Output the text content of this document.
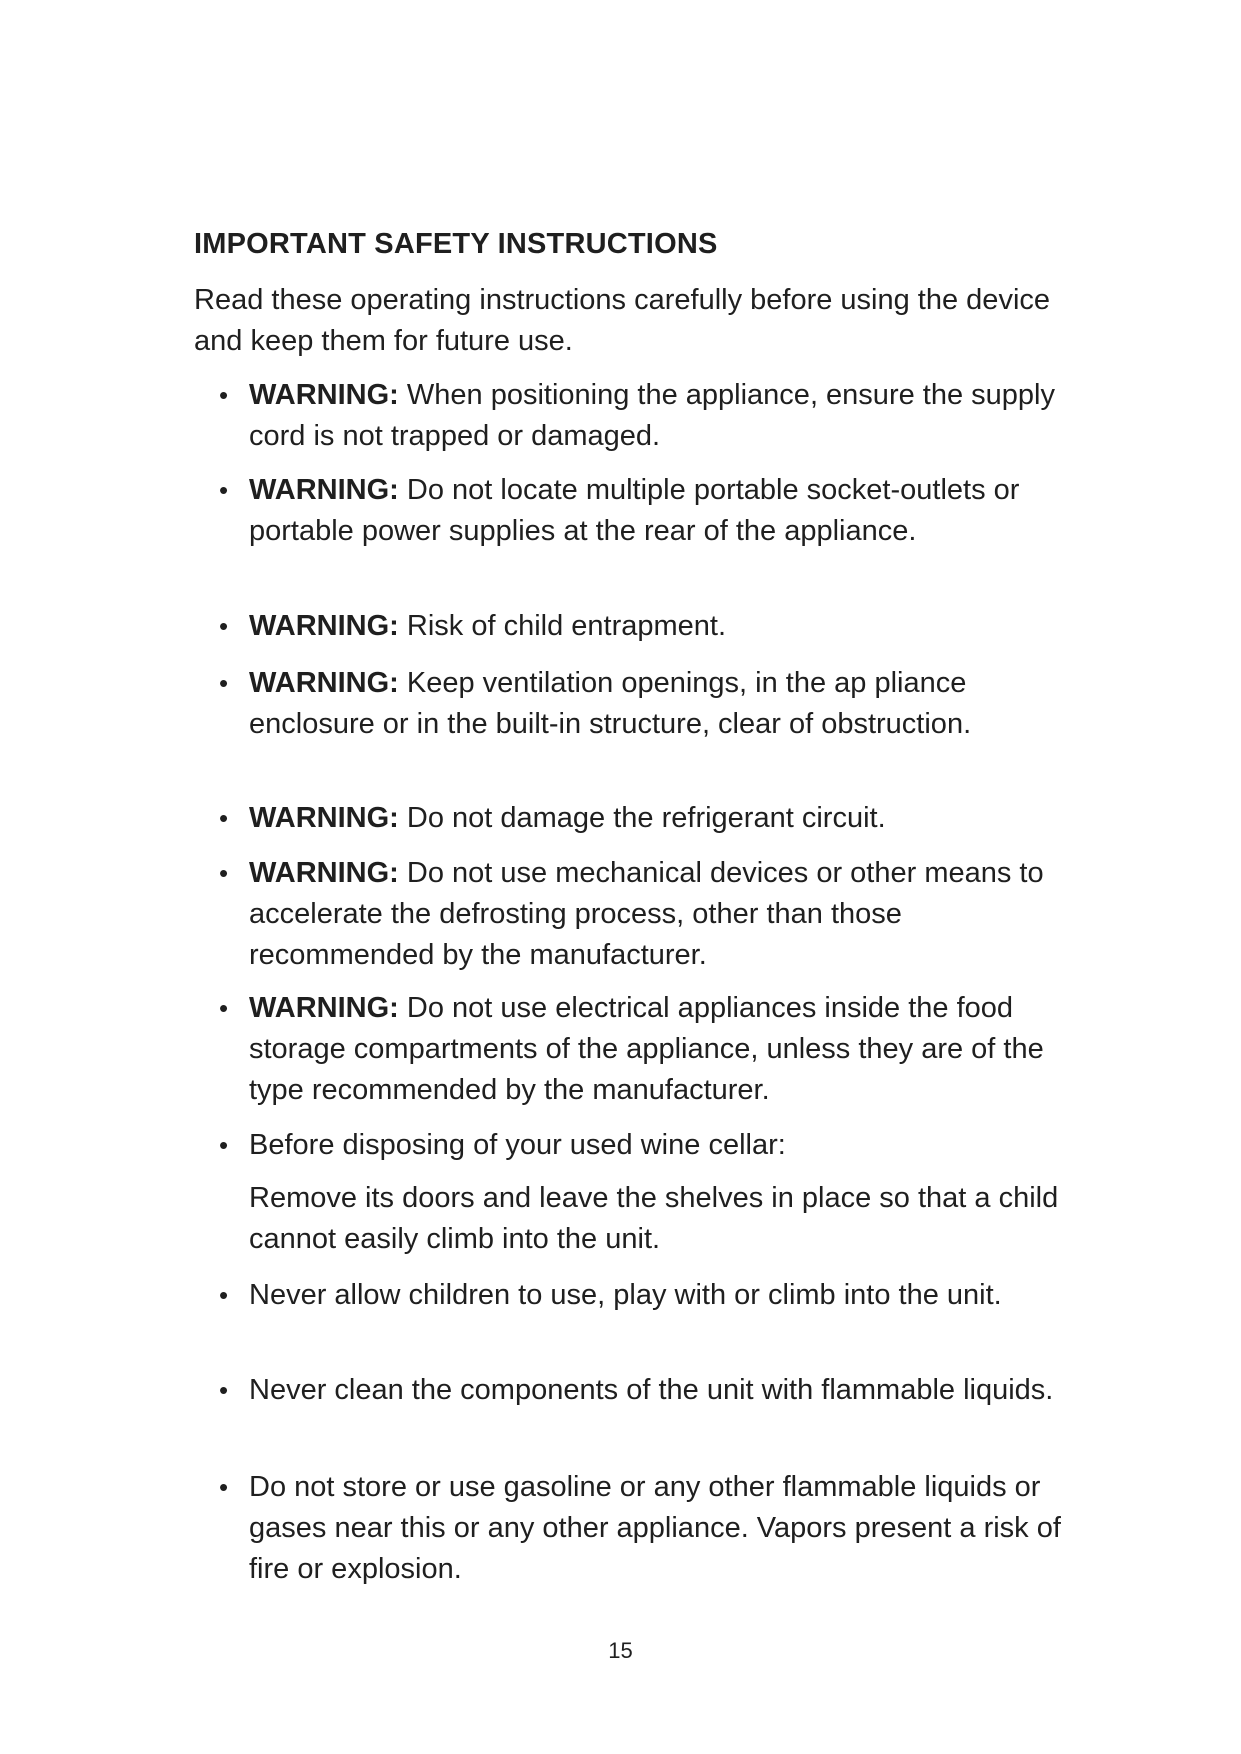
IMPORTANT SAFETY INSTRUCTIONS

Read these operating instructions carefully before using the device and keep them for future use.

• WARNING: When positioning the appliance, ensure the supply cord is not trapped or damaged.

• WARNING: Do not locate multiple portable socket-outlets or portable power supplies at the rear of the appliance.

• WARNING: Risk of child entrapment.

• WARNING: Keep ventilation openings, in the ap pliance enclosure or in the built-in structure, clear of obstruction.

• WARNING: Do not damage the refrigerant circuit.

• WARNING: Do not use mechanical devices or other means to accelerate the defrosting process, other than those recommended by the manufacturer.

• WARNING: Do not use electrical appliances inside the food storage compartments of the appliance, unless they are of the type recommended by the manufacturer.

• Before disposing of your used wine cellar:

Remove its doors and leave the shelves in place so that a child cannot easily climb into the unit.

• Never allow children to use, play with or climb into the unit.

• Never clean the components of the unit with flammable liquids.

• Do not store or use gasoline or any other flammable liquids or gases near this or any other appliance. Vapors present a risk of fire or explosion.

15
